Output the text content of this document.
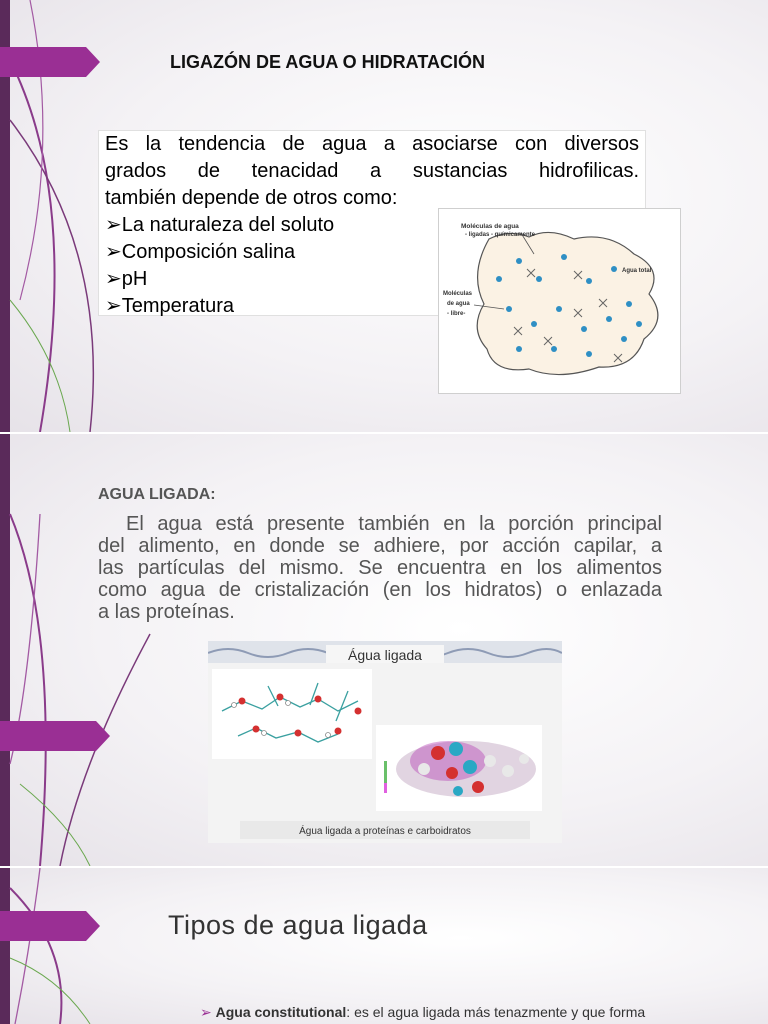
LIGAZÓN DE AGUA O HIDRATACIÓN

Es la tendencia de agua a asociarse con diversos

grados de tenacidad a sustancias hidrofilicas.

también depende de otros como:

➢La naturaleza del soluto
➢Composición salina
➢pH
➢Temperatura
Moléculas de agua
- ligadas - químicamente
Agua total
Moléculas
de agua
- libre-
AGUA LIGADA:
El agua está presente también en la porción principal
del alimento, en donde se adhiere, por acción capilar, a
las partículas del mismo. Se encuentra en los alimentos
como agua de cristalización (en los hidratos) o enlazada
a las proteínas.
Água ligada
Água ligada a proteínas e carboidratos
Tipos de agua ligada
➢ Agua constitutional: es el agua ligada más tenazmente y que forma
